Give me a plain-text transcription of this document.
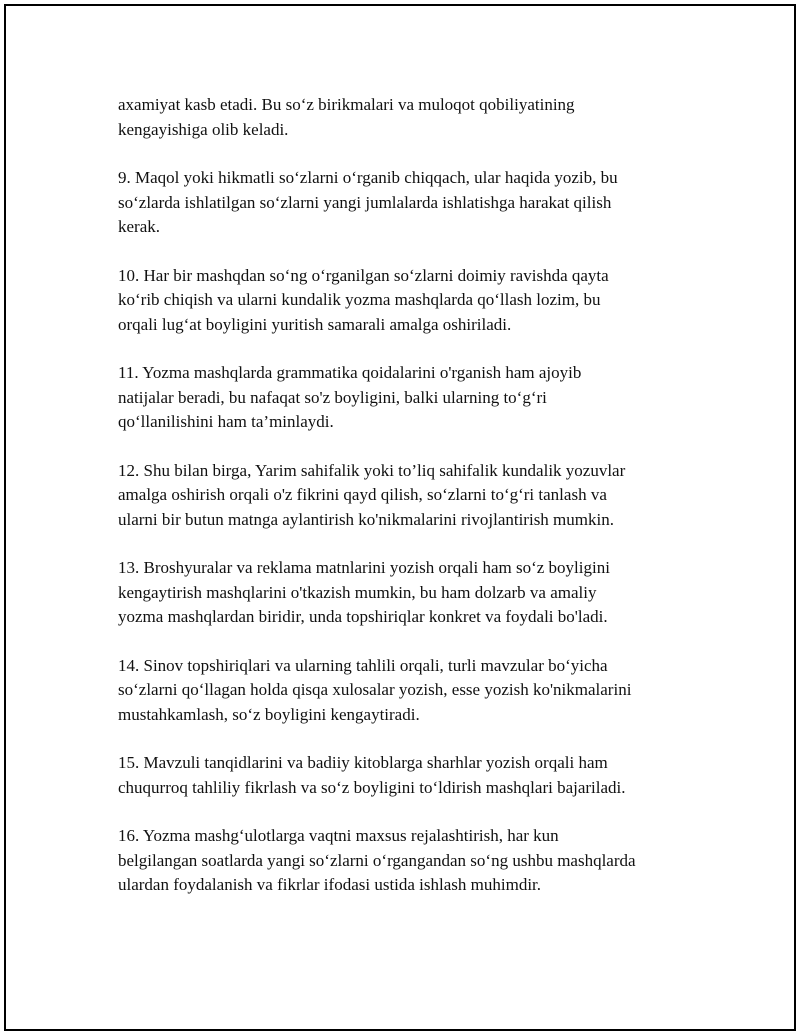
axamiyat kasb etadi. Bu so‘z birikmalari va muloqot qobiliyatining
kengayishiga olib keladi.

9. Maqol yoki hikmatli so‘zlarni o‘rganib chiqqach, ular haqida yozib, bu
so‘zlarda ishlatilgan so‘zlarni yangi jumlalarda ishlatishga harakat qilish
kerak.

10. Har bir mashqdan so‘ng o‘rganilgan so‘zlarni doimiy ravishda qayta
ko‘rib chiqish va ularni kundalik yozma mashqlarda qo‘llash lozim, bu
orqali lug‘at boyligini yuritish samarali amalga oshiriladi.

11. Yozma mashqlarda grammatika qoidalarini o'rganish ham ajoyib
natijalar beradi, bu nafaqat so'z boyligini, balki ularning to‘g‘ri
qo‘llanilishini ham ta’minlaydi.

12. Shu bilan birga, Yarim sahifalik yoki to’liq sahifalik kundalik yozuvlar
amalga oshirish orqali o'z fikrini qayd qilish, so‘zlarni to‘g‘ri tanlash va
ularni bir butun matnga aylantirish ko'nikmalarini rivojlantirish mumkin.

13. Broshyuralar va reklama matnlarini yozish orqali ham so‘z boyligini
kengaytirish mashqlarini o'tkazish mumkin, bu ham dolzarb va amaliy
yozma mashqlardan biridir, unda topshiriqlar konkret va foydali bo'ladi.

14. Sinov topshiriqlari va ularning tahlili orqali, turli mavzular bo‘yicha
so‘zlarni qo‘llagan holda qisqa xulosalar yozish, esse yozish ko'nikmalarini
mustahkamlash, so‘z boyligini kengaytiradi.

15. Mavzuli tanqidlarini va badiiy kitoblarga sharhlar yozish orqali ham
chuqurroq tahliliy fikrlash va so‘z boyligini to‘ldirish mashqlari bajariladi.

16. Yozma mashg‘ulotlarga vaqtni maxsus rejalashtirish, har kun
belgilangan soatlarda yangi so‘zlarni o‘rgangandan so‘ng ushbu mashqlarda
ulardan foydalanish va fikrlar ifodasi ustida ishlash muhimdir.
